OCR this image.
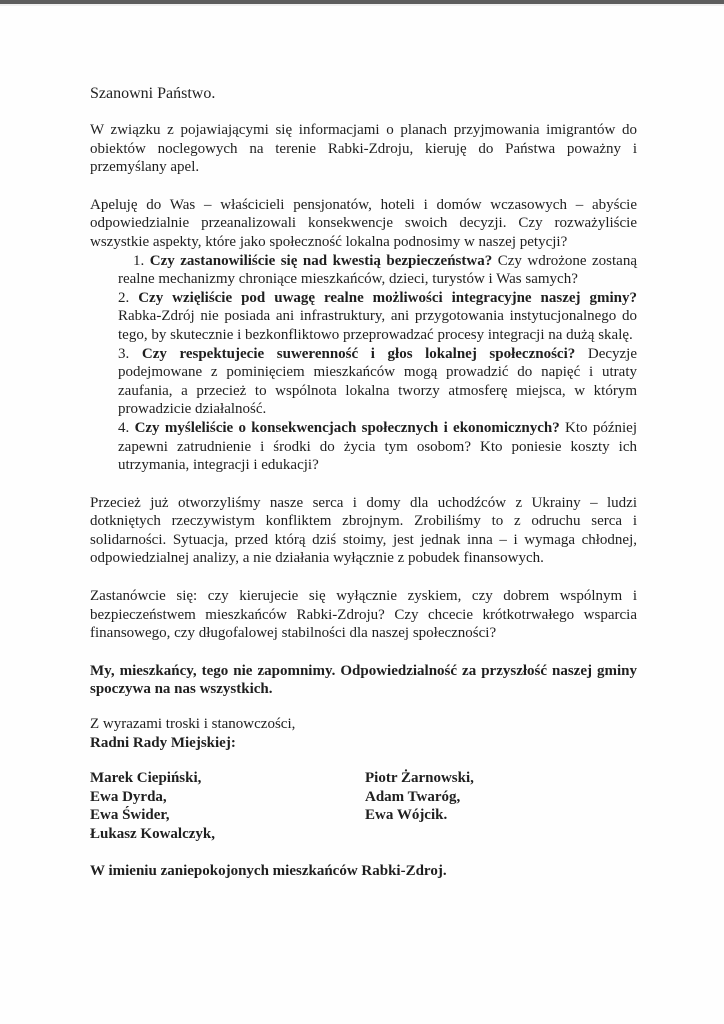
Szanowni Państwo.
W związku z pojawiającymi się informacjami o planach przyjmowania imigrantów do obiektów noclegowych na terenie Rabki-Zdroju, kieruję do Państwa poważny i przemyślany apel.
Apeluję do Was – właścicieli pensjonatów, hoteli i domów wczasowych – abyście odpowiedzialnie przeanalizowali konsekwencje swoich decyzji. Czy rozważyliście wszystkie aspekty, które jako społeczność lokalna podnosimy w naszej petycji?
1. Czy zastanowiliście się nad kwestią bezpieczeństwa? Czy wdrożone zostaną realne mechanizmy chroniące mieszkańców, dzieci, turystów i Was samych?
2. Czy wzięliście pod uwagę realne możliwości integracyjne naszej gminy? Rabka-Zdrój nie posiada ani infrastruktury, ani przygotowania instytucjonalnego do tego, by skutecznie i bezkonfliktowo przeprowadzać procesy integracji na dużą skalę.
3. Czy respektujecie suwerenność i głos lokalnej społeczności? Decyzje podejmowane z pominięciem mieszkańców mogą prowadzić do napięć i utraty zaufania, a przecież to wspólnota lokalna tworzy atmosferę miejsca, w którym prowadzicie działalność.
4. Czy myśleliście o konsekwencjach społecznych i ekonomicznych? Kto później zapewni zatrudnienie i środki do życia tym osobom? Kto poniesie koszty ich utrzymania, integracji i edukacji?
Przecież już otworzyliśmy nasze serca i domy dla uchodźców z Ukrainy – ludzi dotkniętych rzeczywistym konfliktem zbrojnym. Zrobiliśmy to z odruchu serca i solidarności. Sytuacja, przed którą dziś stoimy, jest jednak inna – i wymaga chłodnej, odpowiedzialnej analizy, a nie działania wyłącznie z pobudek finansowych.
Zastanówcie się: czy kierujecie się wyłącznie zyskiem, czy dobrem wspólnym i bezpieczeństwem mieszkańców Rabki-Zdroju? Czy chcecie krótkotrwałego wsparcia finansowego, czy długofalowej stabilności dla naszej społeczności?
My, mieszkańcy, tego nie zapomnimy. Odpowiedzialność za przyszłość naszej gminy spoczywa na nas wszystkich.
Z wyrazami troski i stanowczości,
Radni Rady Miejskiej:
Marek Ciepiński,
Ewa Dyrda,
Ewa Świder,
Łukasz Kowalczyk,
Piotr Żarnowski,
Adam Twaróg,
Ewa Wójcik.
W imieniu zaniepokojonych mieszkańców Rabki-Zdroj.
